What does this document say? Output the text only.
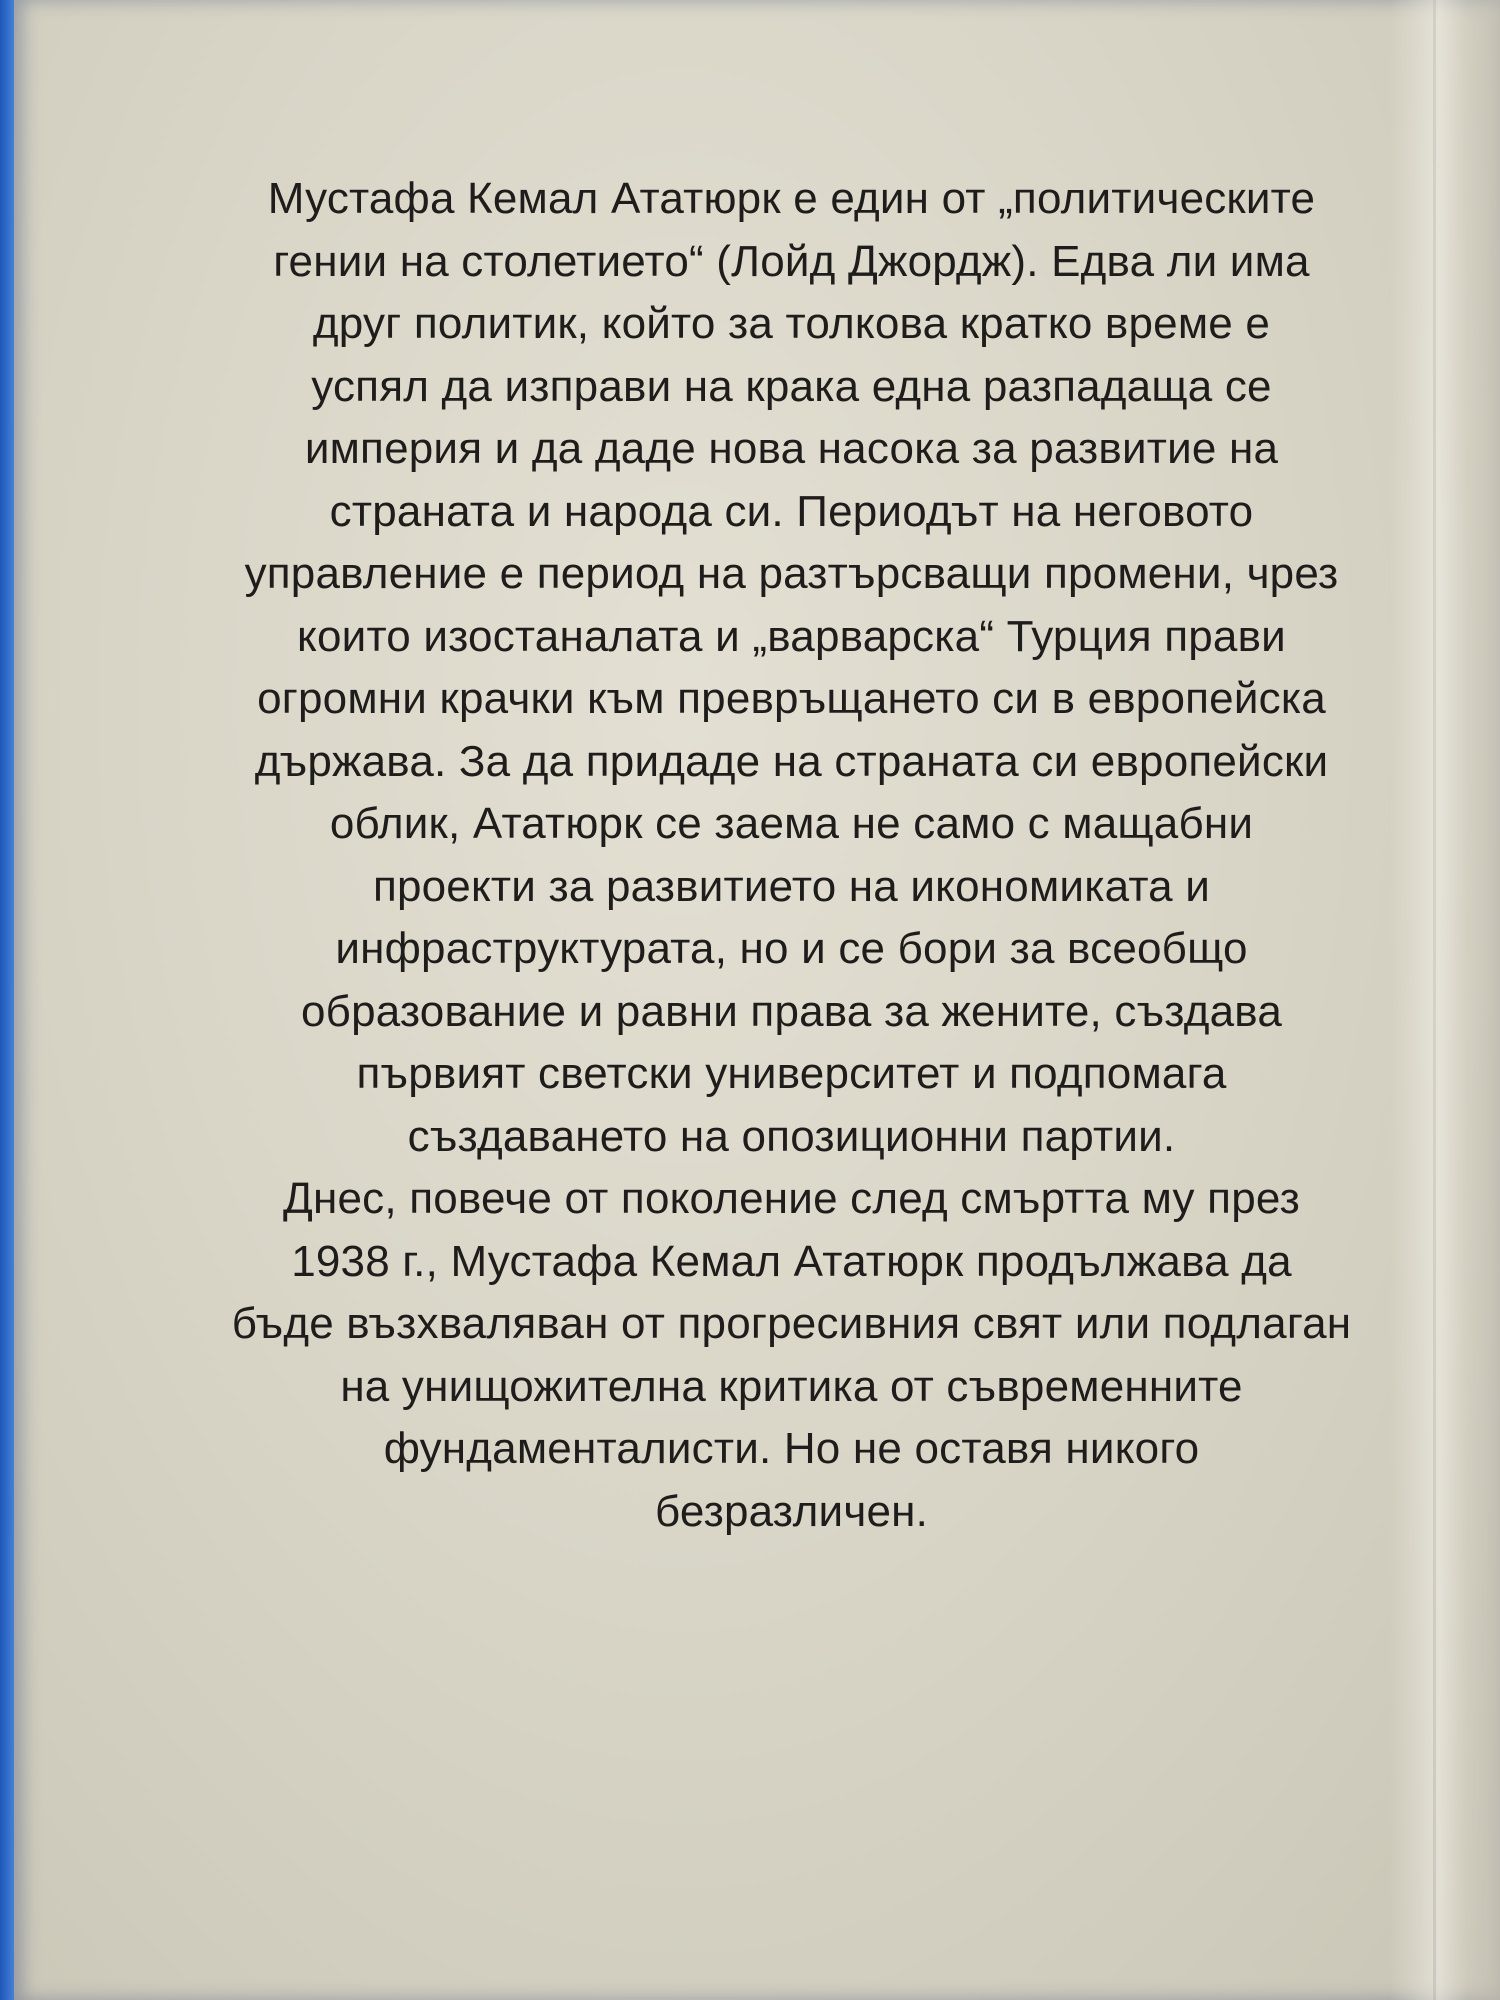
Мустафа Кемал Ататюрк е един от „политическите
гении на столетието“ (Лойд Джордж). Едва ли има
друг политик, който за толкова кратко време е
успял да изправи на крака една разпадаща се
империя и да даде нова насока за развитие на
страната и народа си. Периодът на неговото
управление е период на разтърсващи промени, чрез
които изостаналата и „варварска“ Турция прави
огромни крачки към превръщането си в европейска
държава. За да придаде на страната си европейски
облик, Ататюрк се заема не само с мащабни
проекти за развитието на икономиката и
инфраструктурата, но и се бори за всеобщо
образование и равни права за жените, създава
първият светски университет и подпомага
създаването на опозиционни партии.
Днес, повече от поколение след смъртта му през
1938 г., Мустафа Кемал Ататюрк продължава да
бъде възхваляван от прогресивния свят или подлаган
на унищожителна критика от съвременните
фундаменталисти. Но не оставя никого
безразличен.
